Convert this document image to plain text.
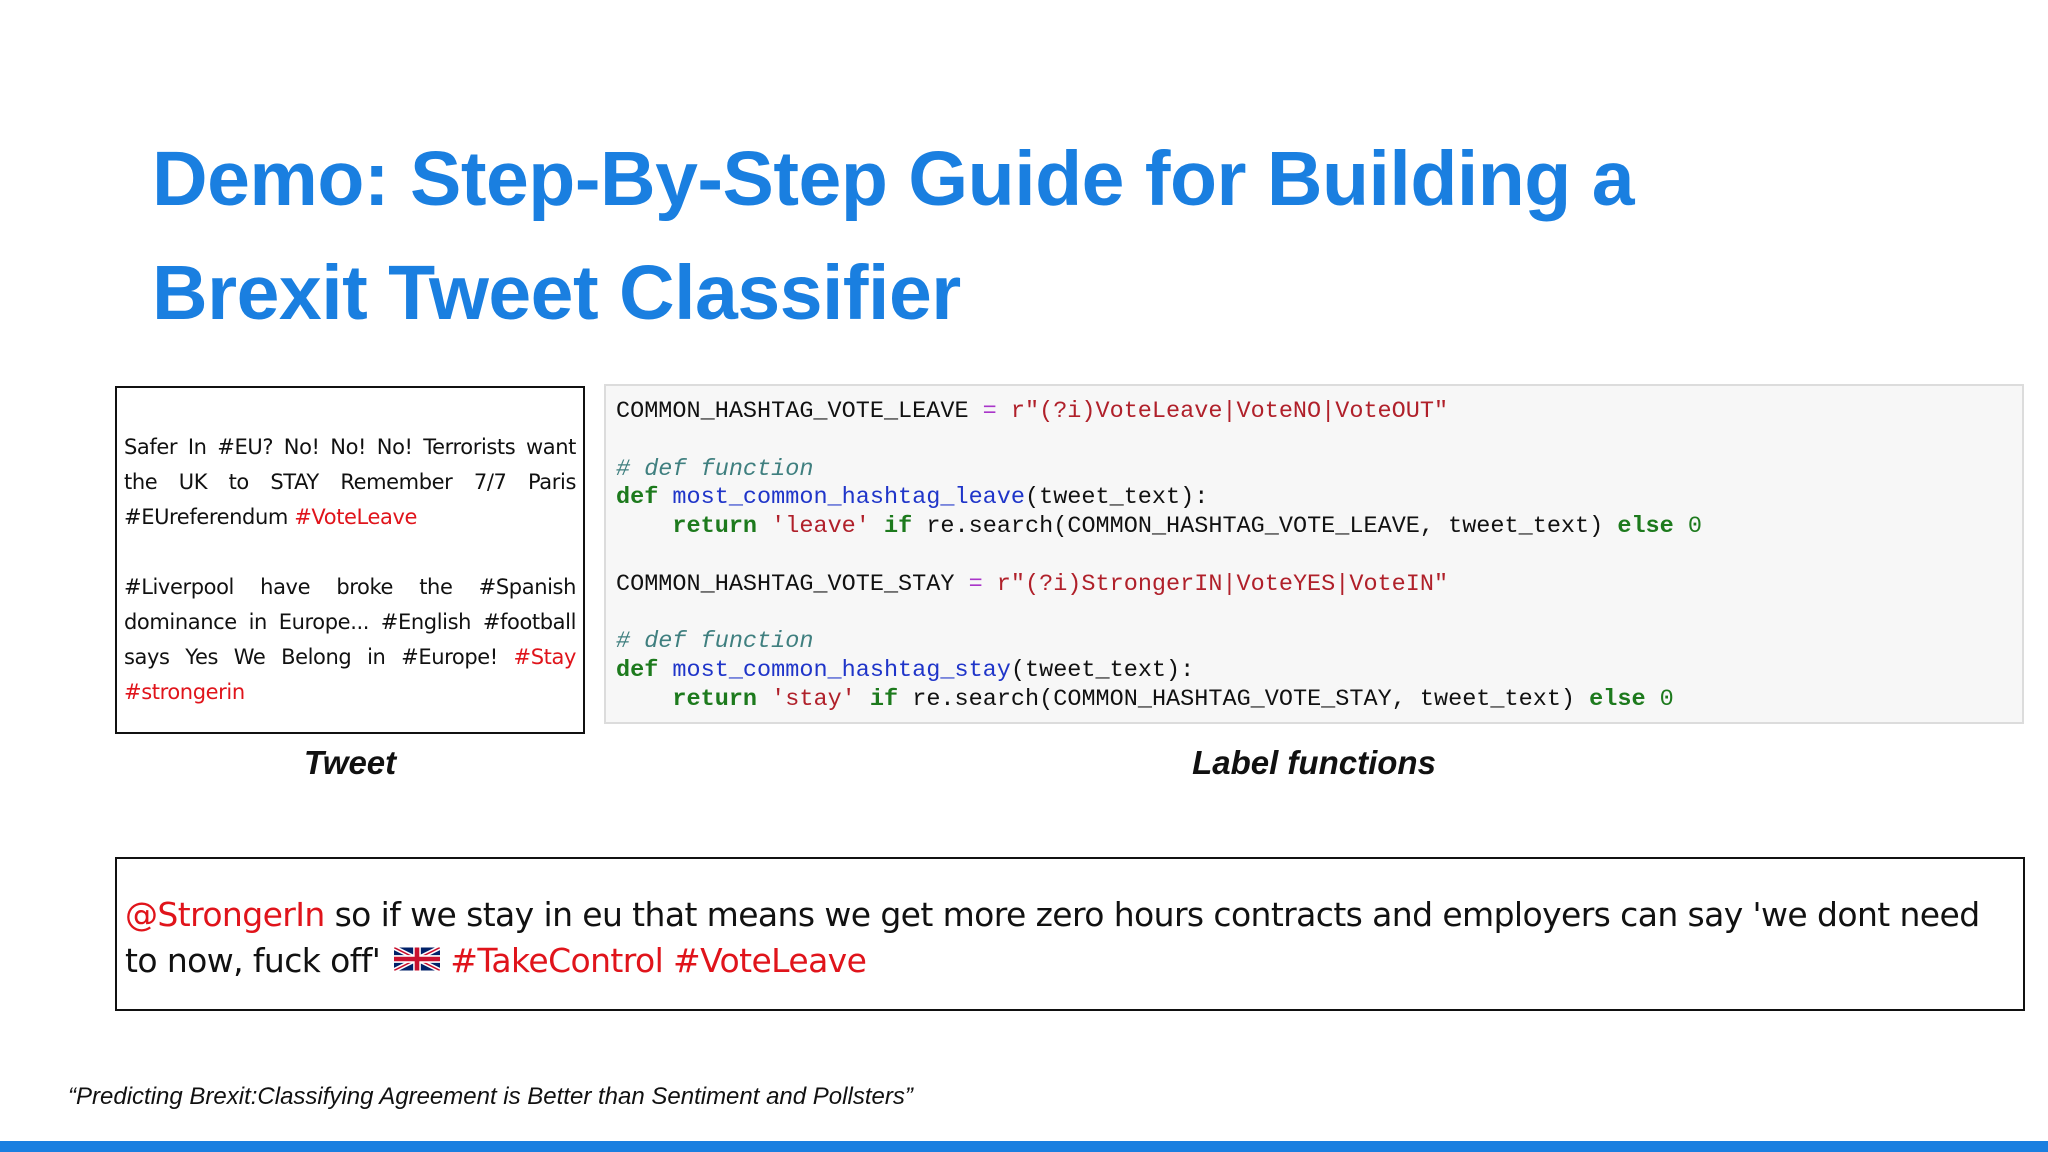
Demo: Step-By-Step Guide for Building a
Brexit Tweet Classifier

Safer In #EU? No! No! No! Terrorists want the UK to STAY Remember 7/7 Paris #EUreferendum #VoteLeave

#Liverpool have broke the #Spanish dominance in Europe... #English #football says Yes We Belong in #Europe! #Stay #strongerin

COMMON_HASHTAG_VOTE_LEAVE = r"(?i)VoteLeave|VoteNO|VoteOUT"
# def function
def most_common_hashtag_leave(tweet_text):
return 'leave' if re.search(COMMON_HASHTAG_VOTE_LEAVE, tweet_text) else 0
COMMON_HASHTAG_VOTE_STAY = r"(?i)StrongerIN|VoteYES|VoteIN"
# def function
def most_common_hashtag_stay(tweet_text):
return 'stay' if re.search(COMMON_HASHTAG_VOTE_STAY, tweet_text) else 0
Tweet	Label functions

@StrongerIn so if we stay in eu that means we get more zero hours contracts and employers can say 'we dont need to now, fuck off' #TakeControl #VoteLeave

“Predicting Brexit:Classifying Agreement is Better than Sentiment and Pollsters”
